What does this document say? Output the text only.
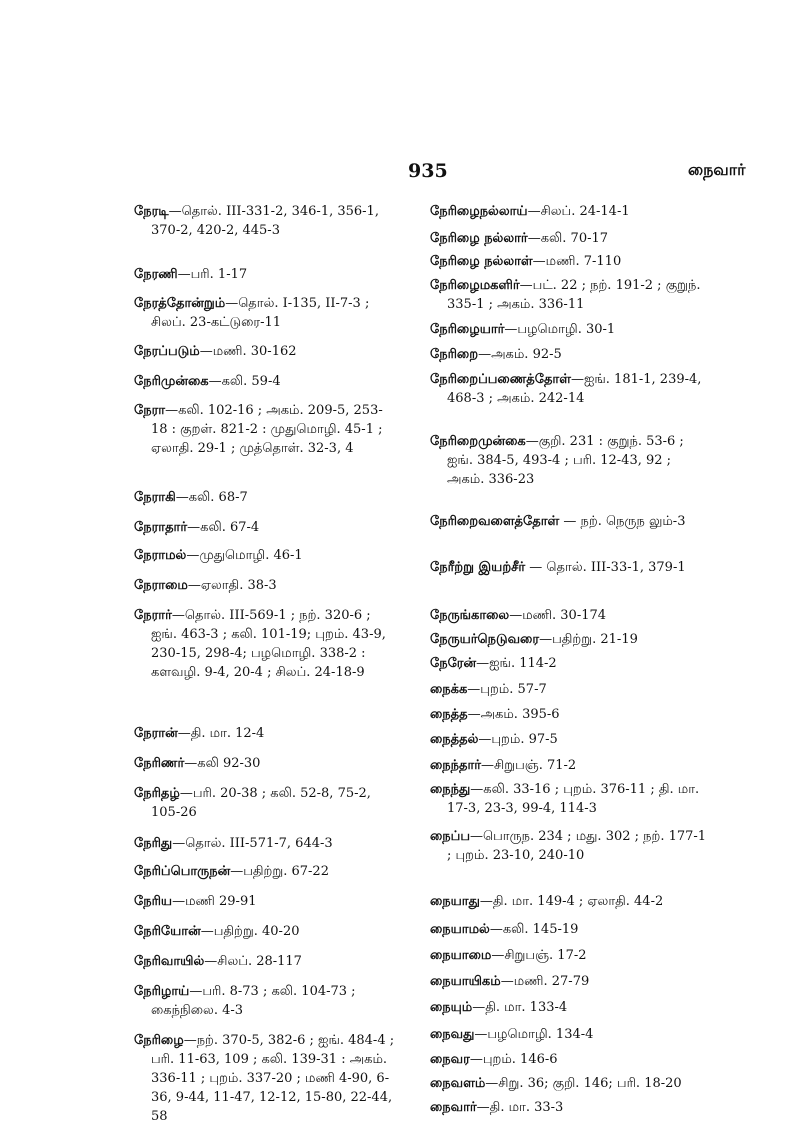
935	நைவார்
நேரடி—தொல். III-331-2, 346-1, 356-1, 370-2, 420-2, 445-3
நேரணி—பரி. 1-17
நேரத்தோன்றும்—தொல். I-135, II-7-3 ; சிலப். 23-கட்டுரை-11
நேரப்படும்—மணி. 30-162
நேரிமுன்கை—கலி. 59-4
நேரா—கலி. 102-16 ; அகம். 209-5, 253-18 : குறள். 821-2 : முதுமொழி. 45-1 ; ஏலாதி. 29-1 ; முத்தொள். 32-3, 4
நேராகி—கலி. 68-7
நேராதார்—கலி. 67-4
நேராமல்—முதுமொழி. 46-1
நேராமை—ஏலாதி. 38-3
நேரார்—தொல். III-569-1 ; நற். 320-6 ; ஐங். 463-3 ; கலி. 101-19; புறம். 43-9, 230-15, 298-4; பழமொழி. 338-2 : களவழி. 9-4, 20-4 ; சிலப். 24-18-9
நேரான்—தி. மா. 12-4
நேரிணர்—கலி 92-30
நேரிதழ்—பரி. 20-38 ; கலி. 52-8, 75-2, 105-26
நேரிது—தொல். III-571-7, 644-3
நேரிப்பொருநன்—பதிற்று. 67-22
நேரிய—மணி 29-91
நேரியோன்—பதிற்று. 40-20
நேரிவாயில்—சிலப். 28-117
நேரிழாய்—பரி. 8-73 ; கலி. 104-73 ; கைந்நிலை. 4-3
நேரிழை—நற். 370-5, 382-6 ; ஐங். 484-4 ; பரி. 11-63, 109 ; கலி. 139-31 : அகம். 336-11 ; புறம். 337-20 ; மணி 4-90, 6-36, 9-44, 11-47, 12-12, 15-80, 22-44, 58
நேரிழைநல்லாய்—சிலப். 24-14-1
நேரிழை நல்லார்—கலி. 70-17
நேரிழை நல்லாள்—மணி. 7-110
நேரிழைமகளிர்—பட். 22 ; நற். 191-2 ; குறுந். 335-1 ; அகம். 336-11
நேரிழையார்—பழமொழி. 30-1
நேரிறை—அகம். 92-5
நேரிறைப்பணைத்தோள்—ஐங். 181-1, 239-4, 468-3 ; அகம். 242-14
நேரிறைமுன்கை—குறி. 231 : குறுந். 53-6 ; ஐங். 384-5, 493-4 ; பரி. 12-43, 92 ; அகம். 336-23
நேரிறைவளைத்தோள் — நற். நெருந லும்-3
நேரீற்று இயற்சீர் — தொல். III-33-1, 379-1
நேருங்காலை—மணி. 30-174
நேருயர்நெடுவரை—பதிற்று. 21-19
நேரேன்—ஐங். 114-2
நைக்க—புறம். 57-7
நைத்த—அகம். 395-6
நைத்தல்—புறம். 97-5
நைந்தார்—சிறுபஞ். 71-2
நைந்து—கலி. 33-16 ; புறம். 376-11 ; தி. மா. 17-3, 23-3, 99-4, 114-3
நைப்ப—பொருந. 234 ; மது. 302 ; நற். 177-1 ; புறம். 23-10, 240-10
நையாது—தி. மா. 149-4 ; ஏலாதி. 44-2
நையாமல்—கலி. 145-19
நையாமை—சிறுபஞ். 17-2
நையாயிகம்—மணி. 27-79
நையும்—தி. மா. 133-4
நைவது—பழமொழி. 134-4
நைவர—புறம். 146-6
நைவளம்—சிறு. 36; குறி. 146; பரி. 18-20
நைவார்—தி. மா. 33-3
